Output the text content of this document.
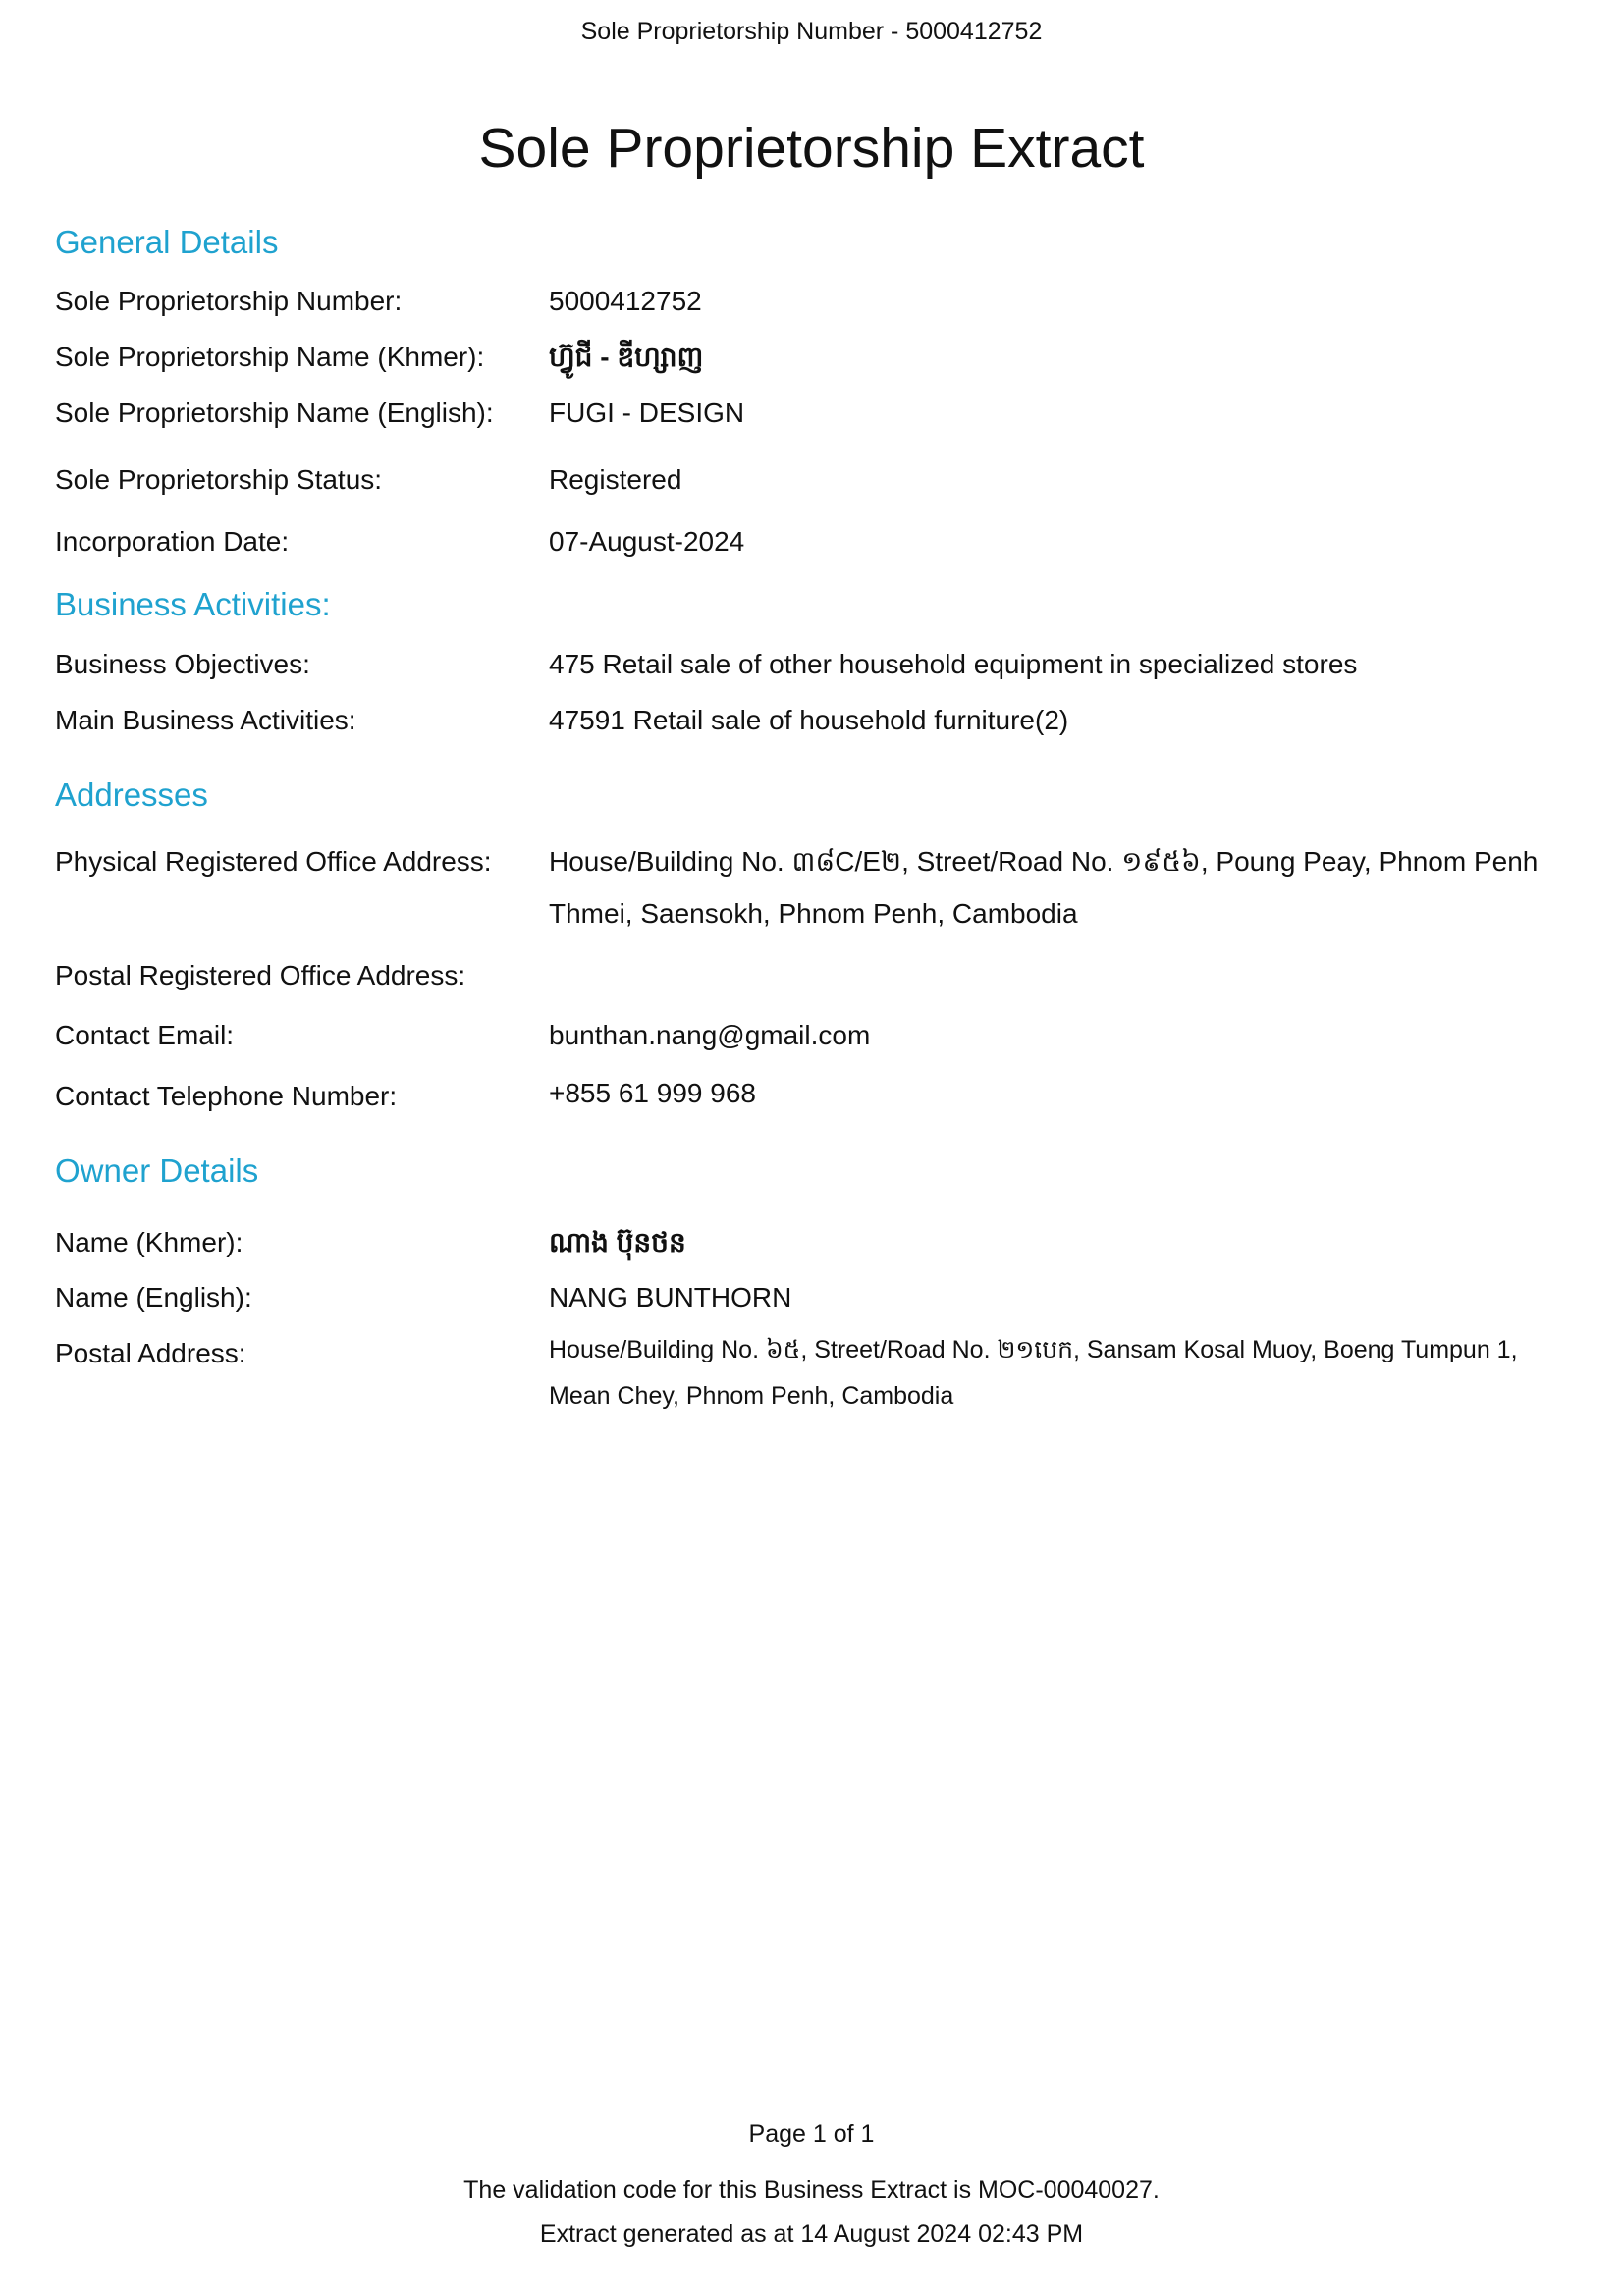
Sole Proprietorship Number - 5000412752
Sole Proprietorship Extract
General Details
Sole Proprietorship Number:	5000412752
Sole Proprietorship Name (Khmer): ហ៊្វូជី - ឌីហ្សាញ
Sole Proprietorship Name (English): FUGI - DESIGN
Sole Proprietorship Status:	Registered
Incorporation Date:	07-August-2024
Business Activities:
Business Objectives:	475 Retail sale of other household equipment in specialized stores
Main Business Activities:	47591 Retail sale of household furniture(2)
Addresses
Physical Registered Office Address: House/Building No. ៣៨C/E២, Street/Road No. ១៩៥៦, Poung Peay, Phnom Penh Thmei, Saensokh, Phnom Penh, Cambodia
Postal Registered Office Address:
Contact Email:	bunthan.nang@gmail.com
Contact Telephone Number:	+855 61 999 968
Owner Details
Name (Khmer):	ណាង ប៊ុនថន
Name (English):	NANG BUNTHORN
Postal Address:	House/Building No. ៦៥, Street/Road No. ២១បេក, Sansam Kosal Muoy, Boeng Tumpun 1, Mean Chey, Phnom Penh, Cambodia
Page 1 of 1
The validation code for this Business Extract is MOC-00040027.
Extract generated as at 14 August 2024 02:43 PM
